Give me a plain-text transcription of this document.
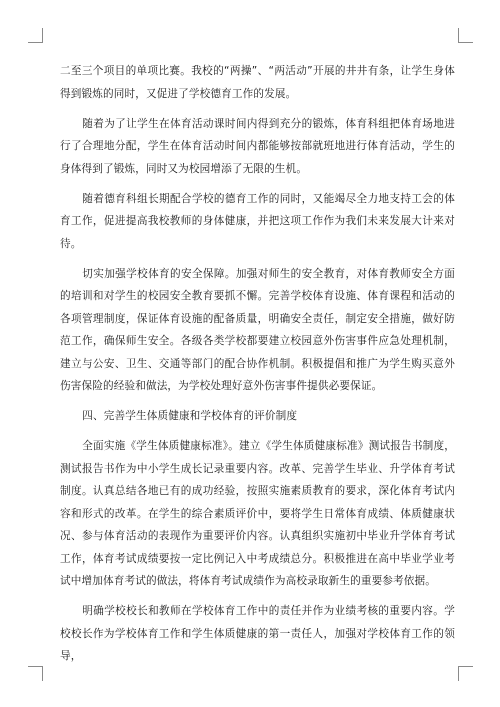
二至三个项目的单项比赛。我校的“两操”、“两活动”开展的井井有条，让学生身体得到锻炼的同时，又促进了学校德育工作的发展。

随着为了让学生在体育活动课时间内得到充分的锻炼，体育科组把体育场地进行了合理地分配，学生在体育活动时间内都能够按部就班地进行体育活动，学生的身体得到了锻炼，同时又为校园增添了无限的生机。

随着德育科组长期配合学校的德育工作的同时，又能竭尽全力地支持工会的体育工作，促进提高我校教师的身体健康，并把这项工作作为我们未来发展大计来对待。

切实加强学校体育的安全保障。加强对师生的安全教育，对体育教师安全方面的培训和对学生的校园安全教育要抓不懈。完善学校体育设施、体育课程和活动的各项管理制度，保证体育设施的配备质量，明确安全责任，制定安全措施，做好防范工作，确保师生安全。各级各类学校都要建立校园意外伤害事件应急处理机制，建立与公安、卫生、交通等部门的配合协作机制。积极提倡和推广为学生购买意外伤害保险的经验和做法，为学校处理好意外伤害事件提供必要保证。

四、完善学生体质健康和学校体育的评价制度

全面实施《学生体质健康标准》。建立《学生体质健康标准》测试报告书制度，测试报告书作为中小学生成长记录重要内容。改革、完善学生毕业、升学体育考试制度。认真总结各地已有的成功经验，按照实施素质教育的要求，深化体育考试内容和形式的改革。在学生的综合素质评价中，要将学生日常体育成绩、体质健康状况、参与体育活动的表现作为重要评价内容。认真组织实施初中毕业升学体育考试工作，体育考试成绩要按一定比例记入中考成绩总分。积极推进在高中毕业学业考试中增加体育考试的做法，将体育考试成绩作为高校录取新生的重要参考依据。

明确学校校长和教师在学校体育工作中的责任并作为业绩考核的重要内容。学校校长作为学校体育工作和学生体质健康的第一责任人，加强对学校体育工作的领导，
